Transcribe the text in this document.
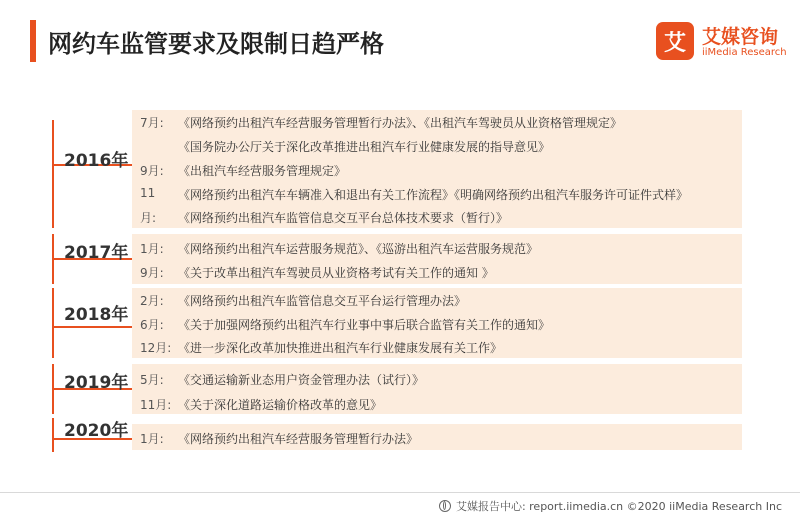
网约车监管要求及限制日趋严格	艾 艾媒咨询
iiMedia Research
2016年
7月: 《网络预约出租汽车经营服务管理暂行办法》、《出租汽车驾驶员从业资格管理规定》
《国务院办公厅关于深化改革推进出租汽车行业健康发展的指导意见》
9月: 《出租汽车经营服务管理规定》
11 《网络预约出租汽车车辆准入和退出有关工作流程》《明确网络预约出租汽车服务许可证件式样》
月: 《网络预约出租汽车监管信息交互平台总体技术要求（暂行）》
2017年 1月: 《网络预约出租汽车运营服务规范》、《巡游出租汽车运营服务规范》
9月: 《关于改革出租汽车驾驶员从业资格考试有关工作的通知 》
2018年
2月: 《网络预约出租汽车监管信息交互平台运行管理办法》
6月: 《关于加强网络预约出租汽车行业事中事后联合监管有关工作的通知》
12月: 《进一步深化改革加快推进出租汽车行业健康发展有关工作》
2019年 5月: 《交通运输新业态用户资金管理办法（试行）》
11月: 《关于深化道路运输价格改革的意见》
2020年 1月: 《网络预约出租汽车经营服务管理暂行办法》
艾媒报告中心: report.iimedia.cn ©2020 iiMedia Research Inc
